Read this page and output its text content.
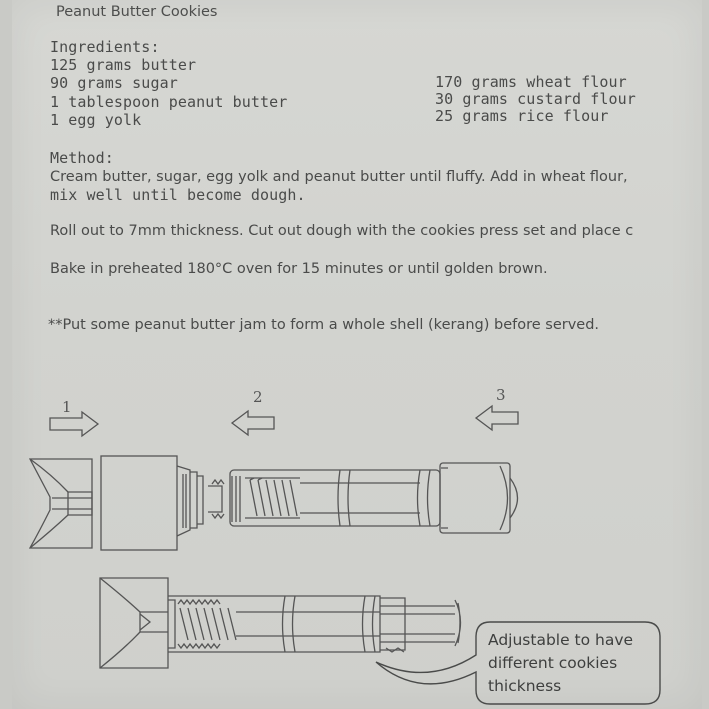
Peanut Butter Cookies
Ingredients:
125 grams butter
90 grams sugar
1 tablespoon peanut butter
1 egg yolk
170 grams wheat flour
30 grams custard flour
25 grams rice flour
Method:
Cream butter, sugar, egg yolk and peanut butter until fluffy. Add in wheat flour,
mix well until become dough.
Roll out to 7mm thickness. Cut out dough with the cookies press set and place c
Bake in preheated 180°C oven for 15 minutes or until golden brown.
**Put some peanut butter jam to form a whole shell (kerang) before served.
1
2	3
Adjustable to have
different cookies
thickness
